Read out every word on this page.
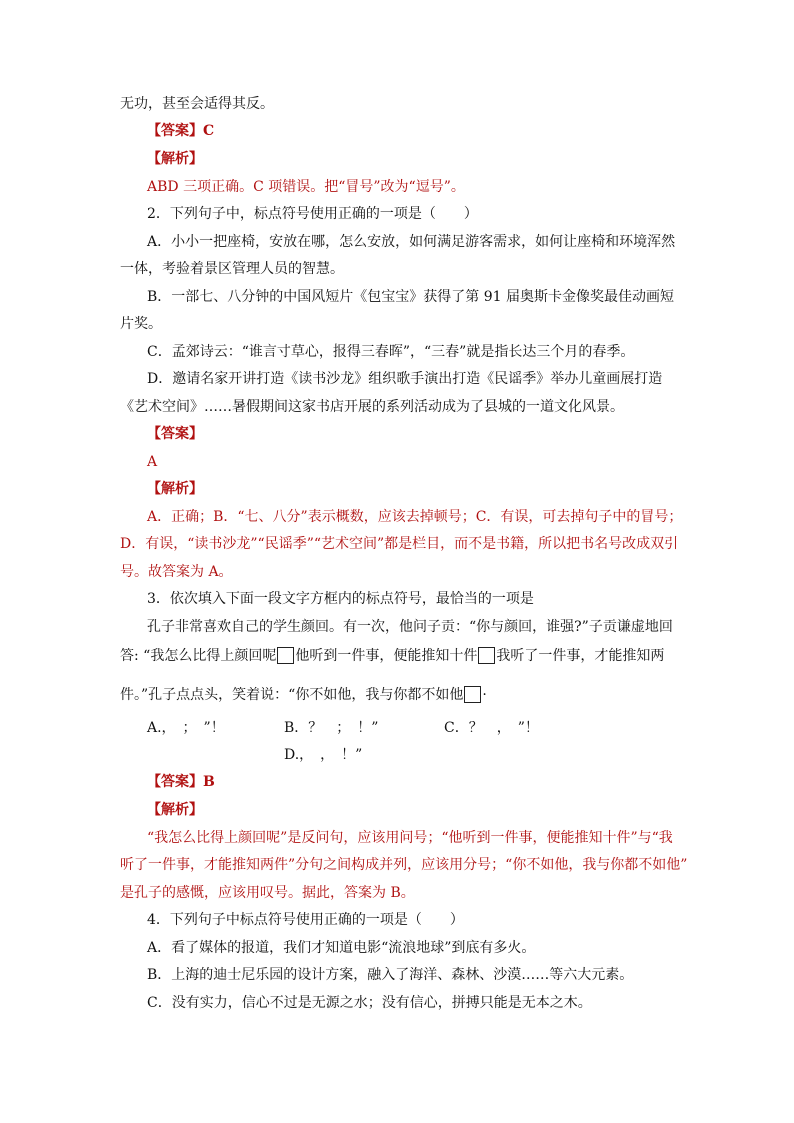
无功，甚至会适得其反。
【答案】C
【解析】
ABD 三项正确。C 项错误。把“冒号”改为“逗号”。
2．下列句子中，标点符号使用正确的一项是（　　）
A．小小一把座椅，安放在哪，怎么安放，如何满足游客需求，如何让座椅和环境浑然
一体，考验着景区管理人员的智慧。
B．一部七、八分钟的中国风短片《包宝宝》获得了第 91 届奥斯卡金像奖最佳动画短
片奖。
C．孟郊诗云：“谁言寸草心，报得三春晖”，“三春”就是指长达三个月的春季。
D．邀请名家开讲打造《读书沙龙》组织歌手演出打造《民谣季》举办儿童画展打造
《艺术空间》……暑假期间这家书店开展的系列活动成为了县城的一道文化风景。
【答案】
A
【解析】
A．正确；B．“七、八分”表示概数，应该去掉顿号；C．有误，可去掉句子中的冒号；
D．有误，“读书沙龙”“民谣季”“艺术空间”都是栏目，而不是书籍，所以把书名号改成双引
号。故答案为 A。
3．依次填入下面一段文字方框内的标点符号，最恰当的一项是
孔子非常喜欢自己的学生颜回。有一次，他问子贡：“你与颜回，谁强?”子贡谦虚地回
答: “我怎么比得上颜回呢 他听到一件事，便能推知十件 我听了一件事，才能推知两
件。”孔子点点头，笑着说：“你不如他，我与你都不如他 ·
A.，　；　”！	B．？　；　！”	C．？　，　”！
D.，　，　！”
【答案】B
【解析】
“我怎么比得上颜回呢”是反问句，应该用问号；“他听到一件事，便能推知十件”与“我
听了一件事，才能推知两件”分句之间构成并列，应该用分号；“你不如他，我与你都不如他”
是孔子的感慨，应该用叹号。据此，答案为 B。
4．下列句子中标点符号使用正确的一项是（　　）
A．看了媒体的报道，我们才知道电影“流浪地球”到底有多火。
B．上海的迪士尼乐园的设计方案，融入了海洋、森林、沙漠……等六大元素。
C．没有实力，信心不过是无源之水；没有信心，拼搏只能是无本之木。
